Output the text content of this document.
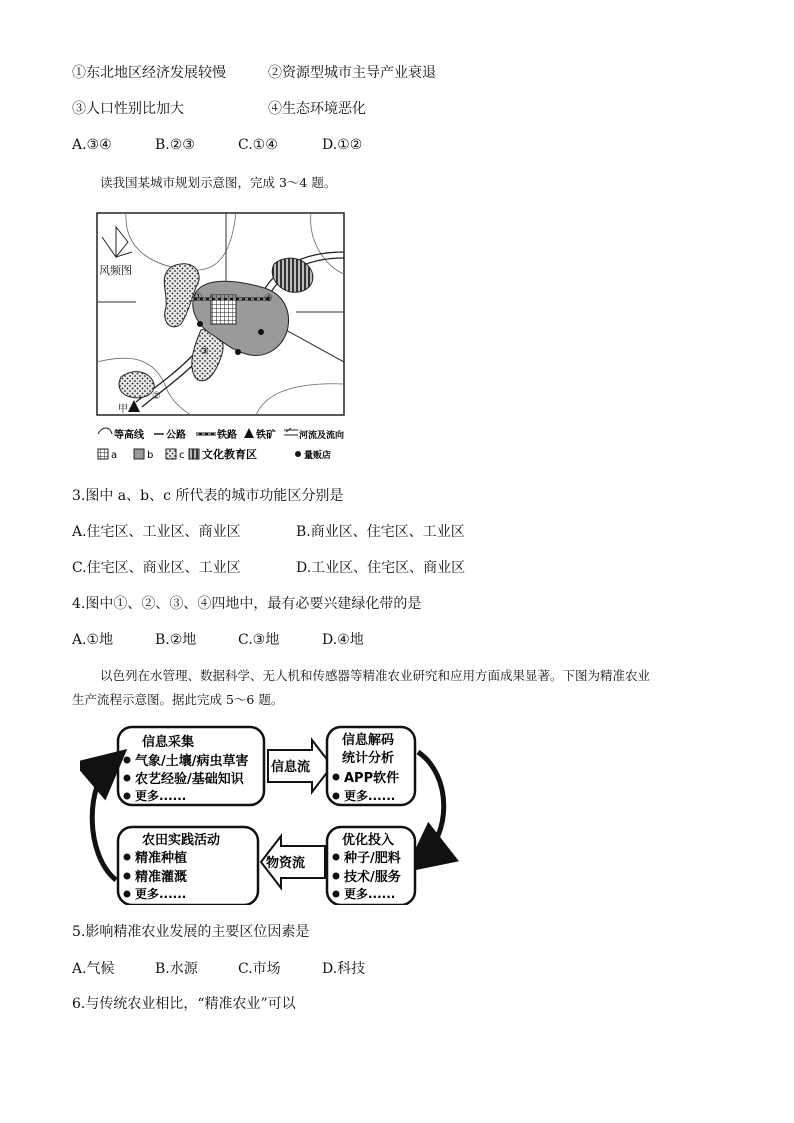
①东北地区经济发展较慢	②资源型城市主导产业衰退
③人口性别比加大	④生态环境恶化
A.③④	B.②③	C.①④	D.①②
读我国某城市规划示意图，完成 3～4 题。
①
②
③
④
风频图
甲
等高线 公路	铁路 铁矿	河流及流向
a	b	c 文化教育区	量贩店
3.图中 a、b、c 所代表的城市功能区分别是
A.住宅区、工业区、商业区	B.商业区、住宅区、工业区
C.住宅区、商业区、工业区	D.工业区、住宅区、商业区
4.图中①、②、③、④四地中，最有必要兴建绿化带的是
A.①地	B.②地	C.③地	D.④地
以色列在水管理、数据科学、无人机和传感器等精准农业研究和应用方面成果显著。下图为精准农业
生产流程示意图。据此完成 5～6 题。
信息采集
气象/土壤/病虫草害
农艺经验/基础知识
更多......
信息流
信息解码
统计分析
APP软件
更多......
优化投入
种子/肥料
技术/服务
更多......
物资流
农田实践活动
精准种植
精准灌溉
更多......
5.影响精准农业发展的主要区位因素是
A.气候	B.水源	C.市场	D.科技
6.与传统农业相比，“精准农业”可以
